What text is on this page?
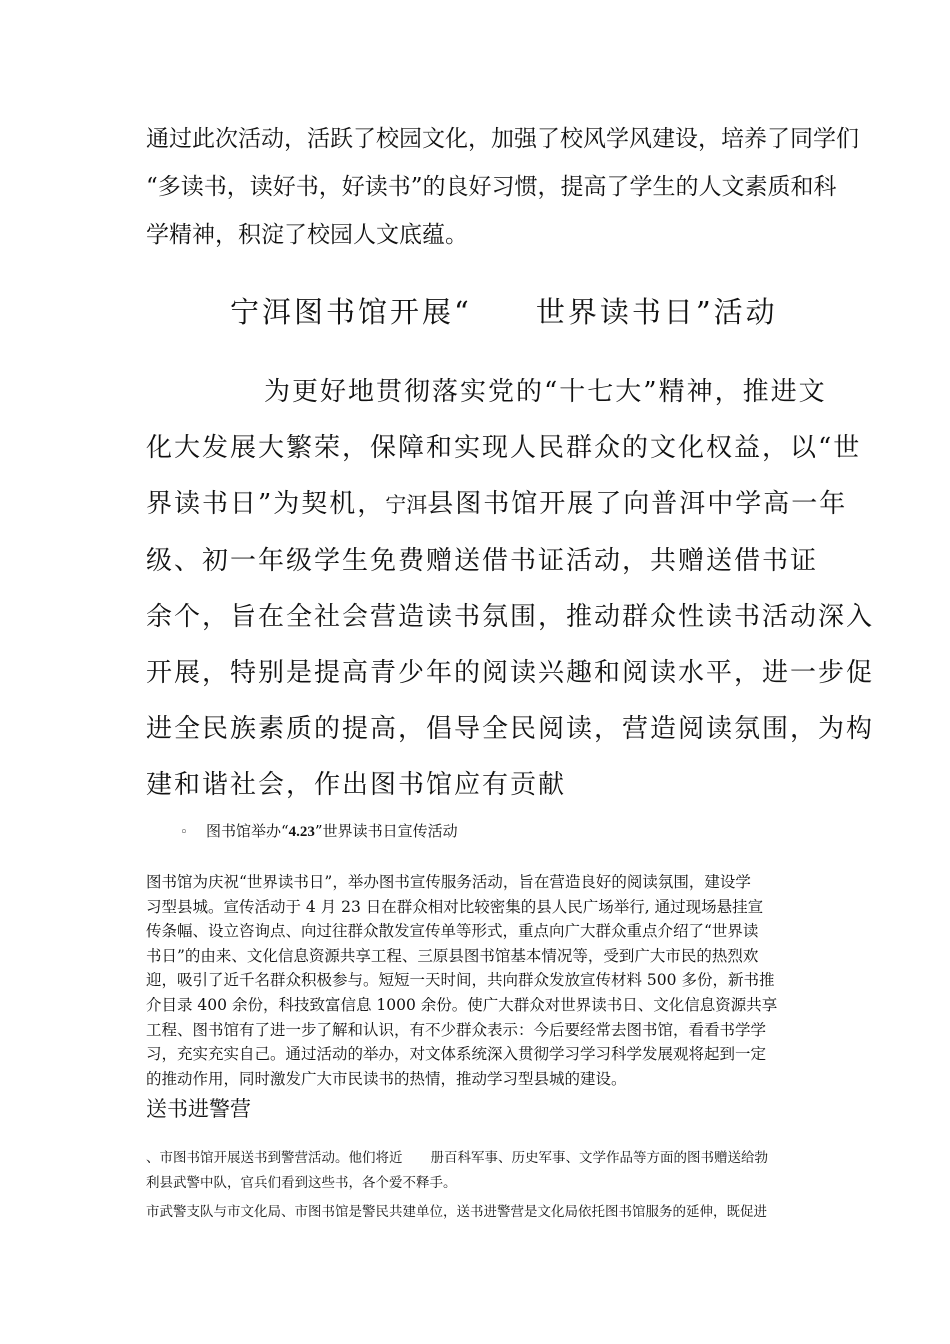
通过此次活动，活跃了校园文化，加强了校风学风建设，培养了同学们

“多读书，读好书，好读书”的良好习惯，提高了学生的人文素质和科

学精神，积淀了校园人文底蕴。

宁洱图书馆开展“ 世界读书日”活动

为更好地贯彻落实党的“十七大”精神，推进文

化大发展大繁荣，保障和实现人民群众的文化权益，以“世

界读书日”为契机，宁洱县图书馆开展了向普洱中学高一年

级、初一年级学生免费赠送借书证活动，共赠送借书证

余个，旨在全社会营造读书氛围，推动群众性读书活动深入

开展，特别是提高青少年的阅读兴趣和阅读水平，进一步促

进全民族素质的提高，倡导全民阅读，营造阅读氛围，为构

建和谐社会，作出图书馆应有贡献

◦ 图书馆举办“4.23”世界读书日宣传活动

图书馆为庆祝“世界读书日”，举办图书宣传服务活动，旨在营造良好的阅读氛围，建设学

习型县城。宣传活动于 4 月 23 日在群众相对比较密集的县人民广场举行, 通过现场悬挂宣

传条幅、设立咨询点、向过往群众散发宣传单等形式，重点向广大群众重点介绍了“世界读

书日”的由来、文化信息资源共享工程、三原县图书馆基本情况等，受到广大市民的热烈欢

迎，吸引了近千名群众积极参与。短短一天时间，共向群众发放宣传材料 500 多份，新书推

介目录 400 余份，科技致富信息 1000 余份。使广大群众对世界读书日、文化信息资源共享

工程、图书馆有了进一步了解和认识，有不少群众表示：今后要经常去图书馆，看看书学学

习，充实充实自己。通过活动的举办，对文体系统深入贯彻学习学习科学发展观将起到一定

的推动作用，同时激发广大市民读书的热情，推动学习型县城的建设。

送书进警营

、市图书馆开展送书到警营活动。他们将近 册百科军事、历史军事、文学作品等方面的图书赠送给勃

利县武警中队，官兵们看到这些书，各个爱不释手。

市武警支队与市文化局、市图书馆是警民共建单位，送书进警营是文化局依托图书馆服务的延伸，既促进
